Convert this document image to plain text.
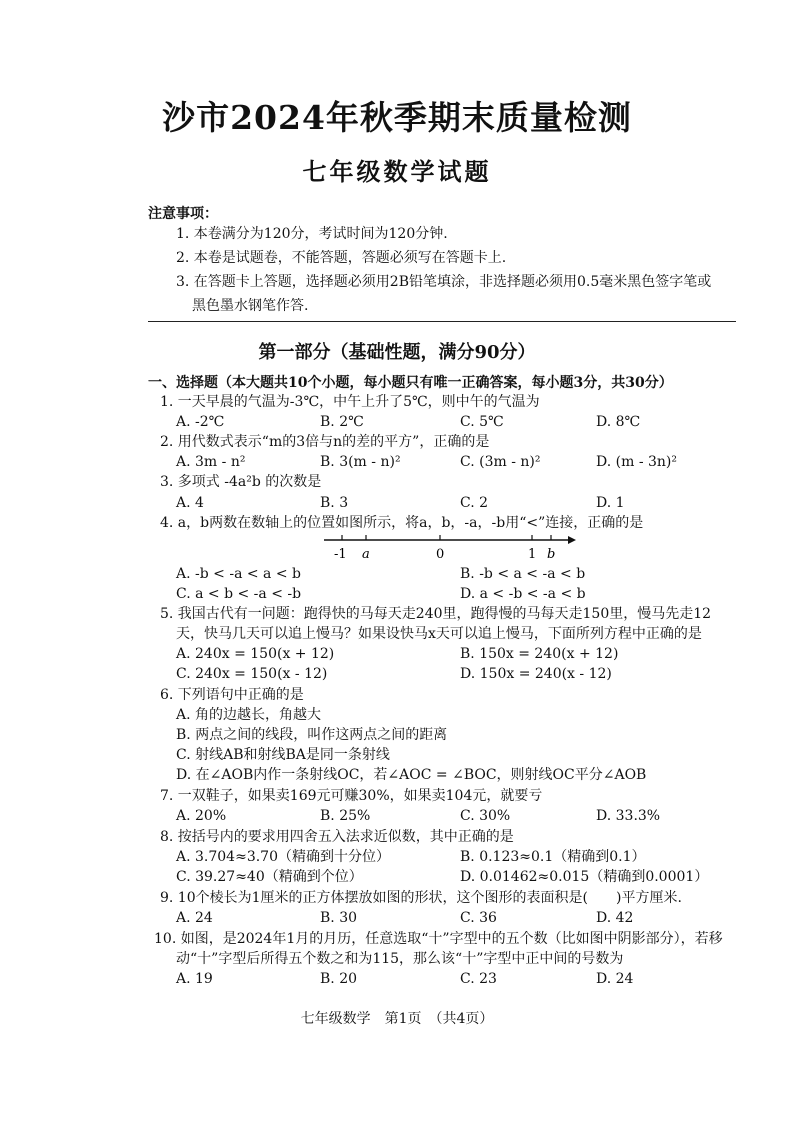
沙市2024年秋季期末质量检测
七年级数学试题
注意事项：
1. 本卷满分为120分，考试时间为120分钟.
2. 本卷是试题卷，不能答题，答题必须写在答题卡上.
3. 在答题卡上答题，选择题必须用2B铅笔填涂，非选择题必须用0.5毫米黑色签字笔或
黑色墨水钢笔作答.
第一部分（基础性题，满分90分）
一、选择题（本大题共10个小题，每小题只有唯一正确答案，每小题3分，共30分）
1. 一天早晨的气温为-3℃，中午上升了5℃，则中午的气温为
A. -2℃	B. 2℃	C. 5℃	D. 8℃
2. 用代数式表示“m的3倍与n的差的平方”，正确的是
A. 3m - n²	B. 3(m - n)²	C. (3m - n)²	D. (m - 3n)²
3. 多项式 -4a²b 的次数是
A. 4	B. 3	C. 2	D. 1
4. a，b两数在数轴上的位置如图所示，将a，b，-a，-b用“<”连接，正确的是
-1 a	0	1 b
A. -b < -a < a < b	B. -b < a < -a < b
C. a < b < -a < -b	D. a < -b < -a < b
5. 我国古代有一问题：跑得快的马每天走240里，跑得慢的马每天走150里，慢马先走12
天，快马几天可以追上慢马？如果设快马x天可以追上慢马，下面所列方程中正确的是
A. 240x = 150(x + 12)	B. 150x = 240(x + 12)
C. 240x = 150(x - 12)	D. 150x = 240(x - 12)
6. 下列语句中正确的是
A. 角的边越长，角越大
B. 两点之间的线段，叫作这两点之间的距离
C. 射线AB和射线BA是同一条射线
D. 在∠AOB内作一条射线OC，若∠AOC = ∠BOC，则射线OC平分∠AOB
7. 一双鞋子，如果卖169元可赚30%，如果卖104元，就要亏
A. 20%	B. 25%	C. 30%	D. 33.3%
8. 按括号内的要求用四舍五入法求近似数，其中正确的是
A. 3.704≈3.70（精确到十分位）	B. 0.123≈0.1（精确到0.1）
C. 39.27≈40（精确到个位）	D. 0.01462≈0.015（精确到0.0001）
9. 10个棱长为1厘米的正方体摆放如图的形状，这个图形的表面积是(　　)平方厘米.
A. 24	B. 30	C. 36	D. 42
10. 如图，是2024年1月的月历，任意选取“十”字型中的五个数（比如图中阴影部分），若移
动“十”字型后所得五个数之和为115，那么该“十”字型中正中间的号数为
A. 19	B. 20	C. 23	D. 24
七年级数学　第1页　（共4页）
